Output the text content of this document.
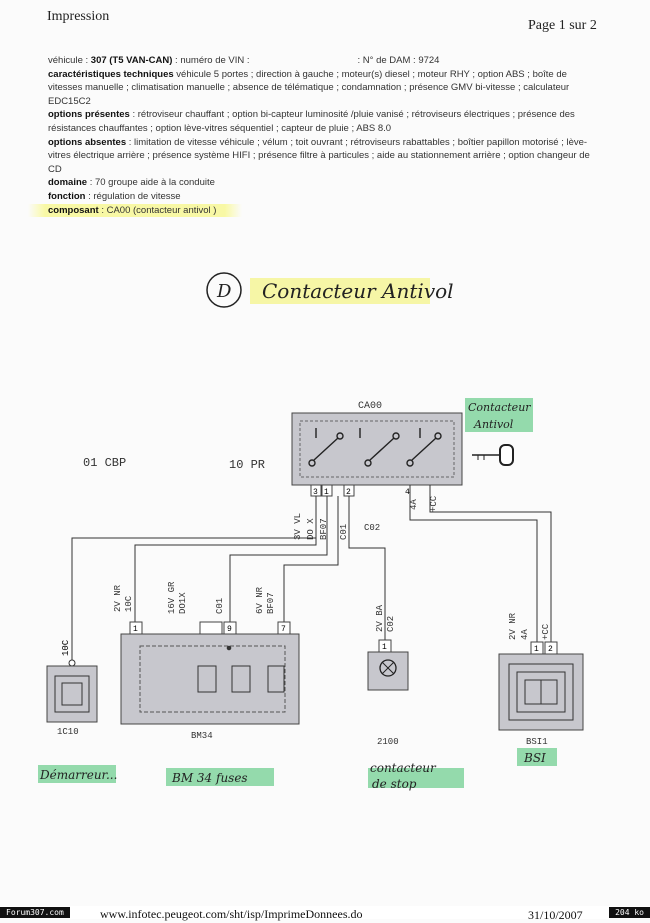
Impression
Page 1 sur 2

véhicule : 307 (T5 VAN-CAN) : numéro de VIN :	: N° de DAM : 9724

caractéristiques techniques véhicule 5 portes ; direction à gauche ; moteur(s) diesel ; moteur RHY ; option ABS ; boîte de vitesses manuelle ; climatisation manuelle ; absence de télématique ; condamnation ; présence GMV bi-vitesse ; calculateur EDC15C2

options présentes : rétroviseur chauffant ; option bi-capteur luminosité /pluie vanisé ; rétroviseurs électriques ; présence des résistances chauffantes ; option lève-vitres séquentiel ; capteur de pluie ; ABS 8.0

options absentes : limitation de vitesse véhicule ; vélum ; toit ouvrant ; rétroviseurs rabattables ; boîtier papillon motorisé ; lève-vitres électrique arrière ; présence système HIFI ; présence filtre à particules ; aide au stationnement arrière ; option changeur de CD

domaine : 70 groupe aide à la conduite

fonction : régulation de vitesse

composant : CA00 (contacteur antivol )

D Contacteur Antivol
CA00
3 1 2	4
Contacteur
Antivol
01 CBP	10 PR
3V VL DO X BF07 C01 C02
4A +CC
10C
1C10
Démarreur...
2V NR 10C	16V GR DO1X	C01	6V NR BF07
1	9	7
BM34
BM 34 fuses
2V BA C02
1
2100
contacteur
de stop
2V NR 4A +CC
1 2
BSI1
BSI
Forum307.com	www.infotec.peugeot.com/sht/isp/ImprimeDonnees.do	31/10/2007	204 ko
